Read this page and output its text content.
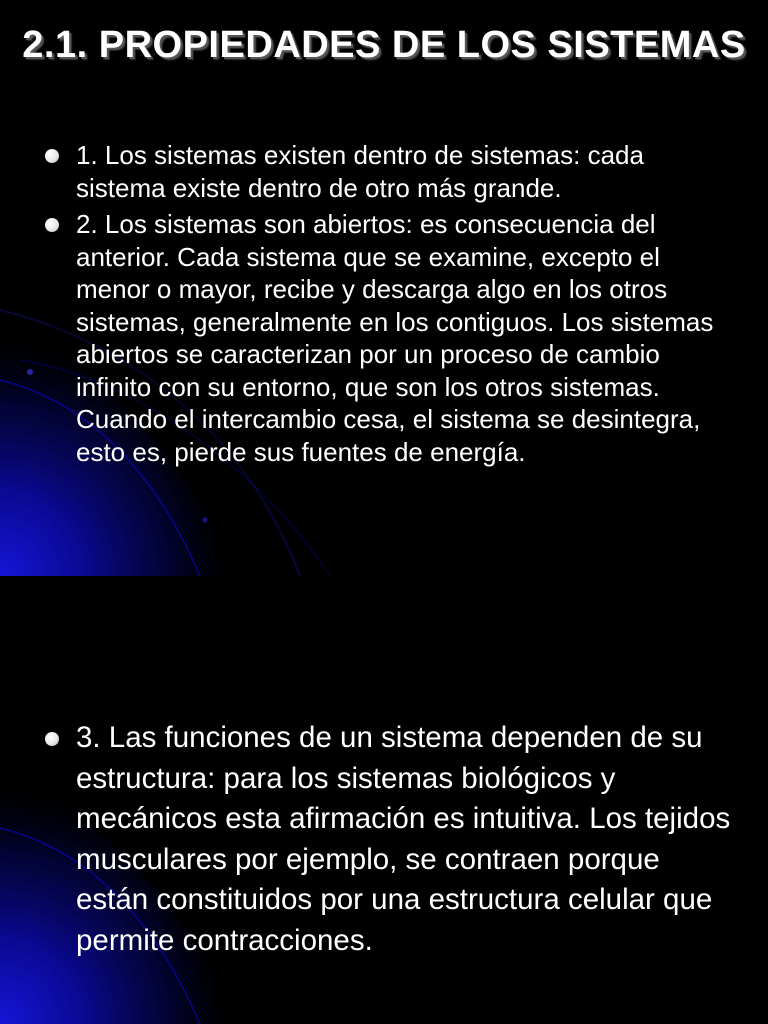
2.1. PROPIEDADES DE LOS SISTEMAS
1. Los sistemas existen dentro de sistemas: cada sistema existe dentro de otro más grande.
2. Los sistemas son abiertos: es consecuencia del anterior. Cada sistema que se examine, excepto el menor o mayor, recibe y descarga algo en los otros sistemas, generalmente en los contiguos. Los sistemas abiertos se caracterizan por un proceso de cambio infinito con su entorno, que son los otros sistemas. Cuando el intercambio cesa, el sistema se desintegra, esto es, pierde sus fuentes de energía.
3. Las funciones de un sistema dependen de su estructura: para los sistemas biológicos y mecánicos esta afirmación es intuitiva. Los tejidos musculares por ejemplo, se contraen porque están constituidos por una estructura celular que permite contracciones.
